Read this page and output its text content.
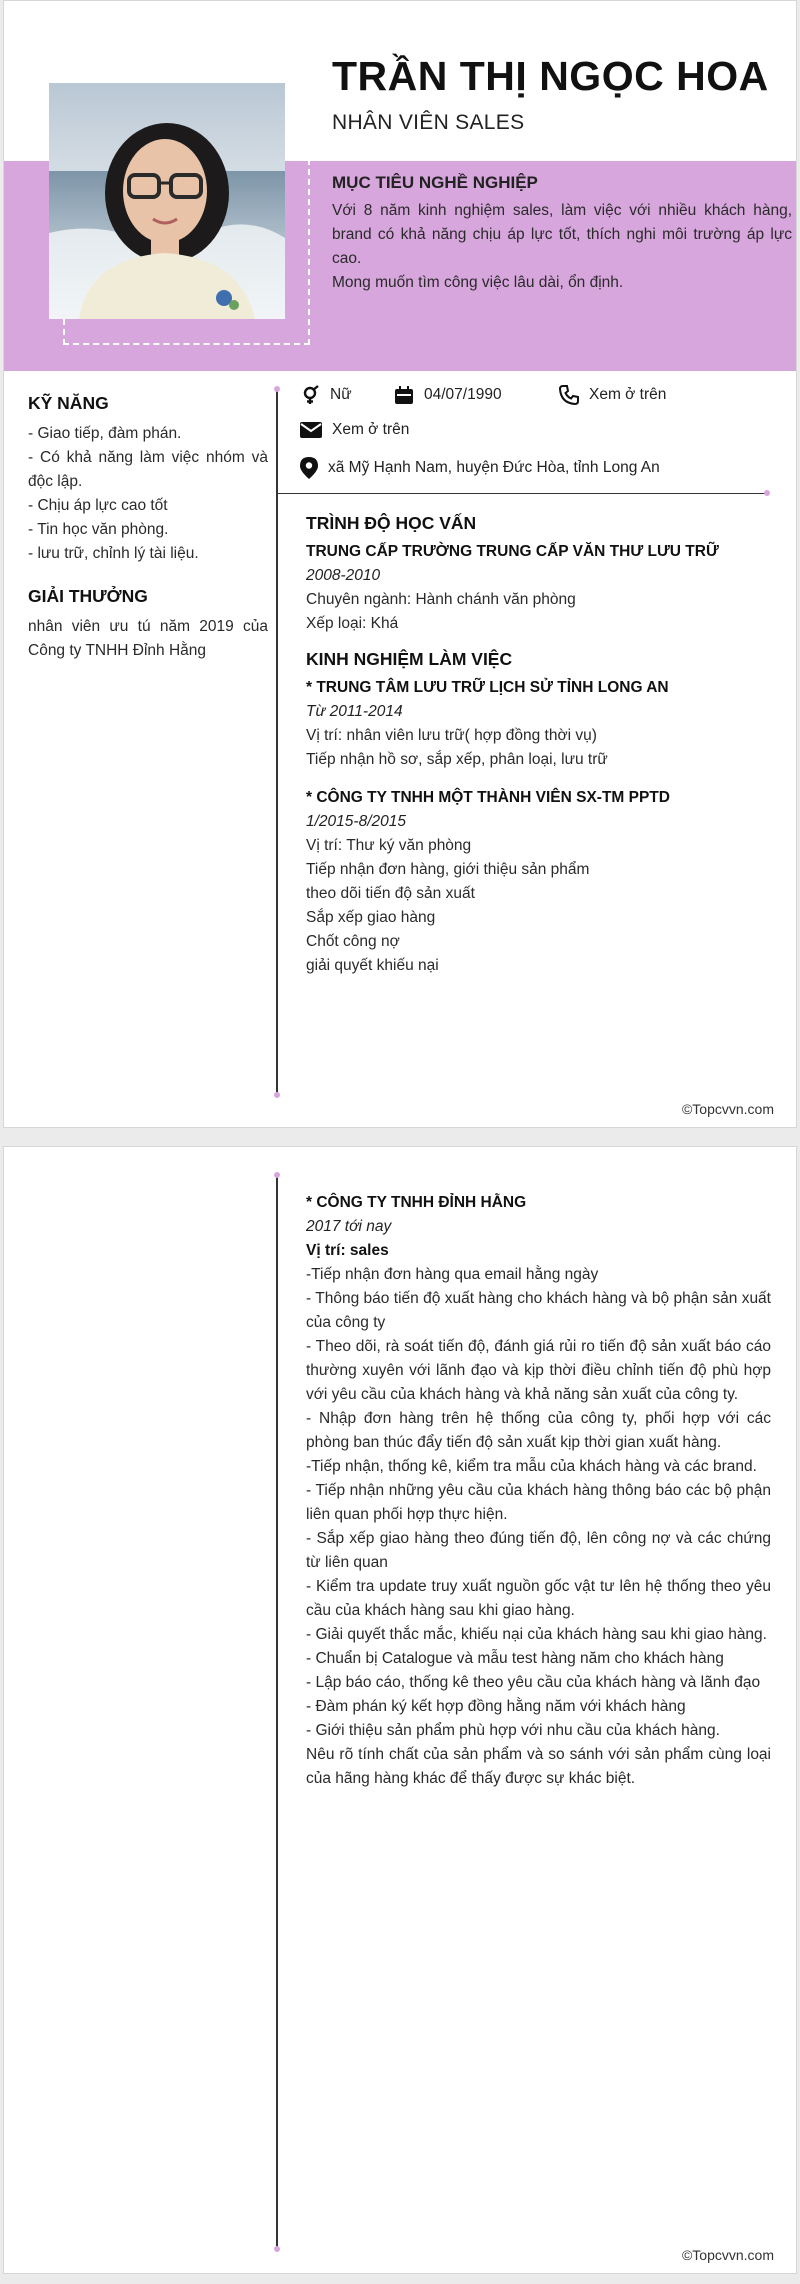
TRẦN THỊ NGỌC HOA
NHÂN VIÊN SALES
MỤC TIÊU NGHỀ NGHIỆP

Với 8 năm kinh nghiệm sales, làm việc với nhiều khách hàng, brand có khả năng chịu áp lực tốt, thích nghi môi trường áp lực cao.

Mong muốn tìm công việc lâu dài, ổn định.

KỸ NĂNG

- Giao tiếp, đàm phán.

- Có khả năng làm việc nhóm và độc lập.

- Chịu áp lực cao tốt

- Tin học văn phòng.

- lưu trữ, chỉnh lý tài liệu.

GIẢI THƯỞNG

nhân viên ưu tú năm 2019 của Công ty TNHH Đỉnh Hằng

Nữ	04/07/1990	Xem ở trên
Xem ở trên
xã Mỹ Hạnh Nam, huyện Đức Hòa, tỉnh Long An
TRÌNH ĐỘ HỌC VẤN
TRUNG CẤP TRƯỜNG TRUNG CẤP VĂN THƯ LƯU TRỮ
2008-2010
Chuyên ngành: Hành chánh văn phòng
Xếp loại: Khá
KINH NGHIỆM LÀM VIỆC
* TRUNG TÂM LƯU TRỮ LỊCH SỬ TỈNH LONG AN
Từ 2011-2014
Vị trí: nhân viên lưu trữ( hợp đồng thời vụ)
Tiếp nhận hồ sơ, sắp xếp, phân loại, lưu trữ
* CÔNG TY TNHH MỘT THÀNH VIÊN SX-TM PPTD
1/2015-8/2015
Vị trí: Thư ký văn phòng
Tiếp nhận đơn hàng, giới thiệu sản phẩm
theo dõi tiến độ sản xuất
Sắp xếp giao hàng
Chốt công nợ
giải quyết khiếu nại
©Topcvvn.com
* CÔNG TY TNHH ĐỈNH HẰNG
2017 tới nay
Vị trí: sales

-Tiếp nhận đơn hàng qua email hằng ngày

- Thông báo tiến độ xuất hàng cho khách hàng và bộ phận sản xuất của công ty

- Theo dõi, rà soát tiến độ, đánh giá rủi ro tiến độ sản xuất báo cáo thường xuyên với lãnh đạo và kịp thời điều chỉnh tiến độ phù hợp với yêu cầu của khách hàng và khả năng sản xuất của công ty.

- Nhập đơn hàng trên hệ thống của công ty, phối hợp với các phòng ban thúc đẩy tiến độ sản xuất kịp thời gian xuất hàng.

-Tiếp nhận, thống kê, kiểm tra mẫu của khách hàng và các brand.

- Tiếp nhận những yêu cầu của khách hàng thông báo các bộ phận liên quan phối hợp thực hiện.

- Sắp xếp giao hàng theo đúng tiến độ, lên công nợ và các chứng từ liên quan

- Kiểm tra update truy xuất nguồn gốc vật tư lên hệ thống theo yêu cầu của khách hàng sau khi giao hàng.

- Giải quyết thắc mắc, khiếu nại của khách hàng sau khi giao hàng.

- Chuẩn bị Catalogue và mẫu test hàng năm cho khách hàng

- Lập báo cáo, thống kê theo yêu cầu của khách hàng và lãnh đạo

- Đàm phán ký kết hợp đồng hằng năm với khách hàng

- Giới thiệu sản phẩm phù hợp với nhu cầu của khách hàng.

Nêu rõ tính chất của sản phẩm và so sánh với sản phẩm cùng loại của hãng hàng khác để thấy được sự khác biệt.

©Topcvvn.com
